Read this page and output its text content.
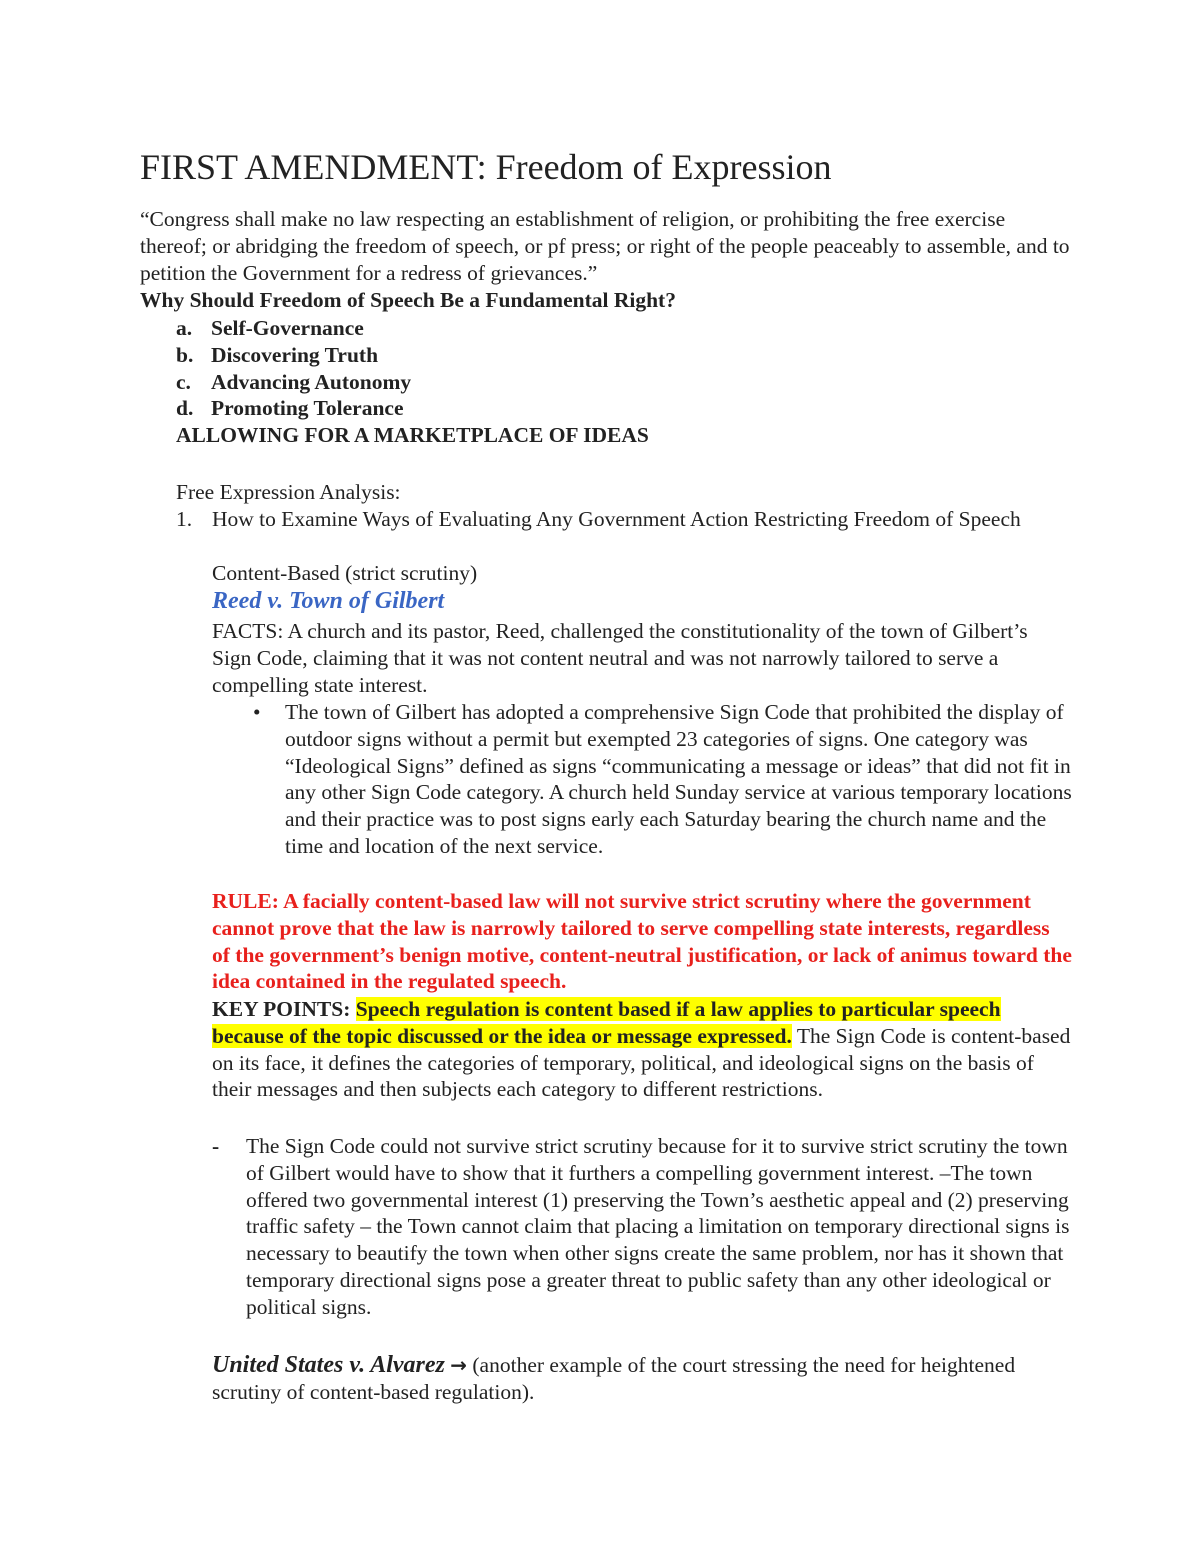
FIRST AMENDMENT: Freedom of Expression
“Congress shall make no law respecting an establishment of religion, or prohibiting the free exercise thereof; or abridging the freedom of speech, or pf press; or right of the people peaceably to assemble, and to petition the Government for a redress of grievances.”
Why Should Freedom of Speech Be a Fundamental Right?
a. Self-Governance
b. Discovering Truth
c. Advancing Autonomy
d. Promoting Tolerance
ALLOWING FOR A MARKETPLACE OF IDEAS
Free Expression Analysis:
1. How to Examine Ways of Evaluating Any Government Action Restricting Freedom of Speech
Content-Based (strict scrutiny)
Reed v. Town of Gilbert
FACTS: A church and its pastor, Reed, challenged the constitutionality of the town of Gilbert’s Sign Code, claiming that it was not content neutral and was not narrowly tailored to serve a compelling state interest.
• The town of Gilbert has adopted a comprehensive Sign Code that prohibited the display of outdoor signs without a permit but exempted 23 categories of signs. One category was “Ideological Signs” defined as signs “communicating a message or ideas” that did not fit in any other Sign Code category. A church held Sunday service at various temporary locations and their practice was to post signs early each Saturday bearing the church name and the time and location of the next service.
RULE: A facially content-based law will not survive strict scrutiny where the government cannot prove that the law is narrowly tailored to serve compelling state interests, regardless of the government’s benign motive, content-neutral justification, or lack of animus toward the idea contained in the regulated speech.
KEY POINTS: Speech regulation is content based if a law applies to particular speech because of the topic discussed or the idea or message expressed. The Sign Code is content-based on its face, it defines the categories of temporary, political, and ideological signs on the basis of their messages and then subjects each category to different restrictions.
- The Sign Code could not survive strict scrutiny because for it to survive strict scrutiny the town of Gilbert would have to show that it furthers a compelling government interest. –The town offered two governmental interest (1) preserving the Town’s aesthetic appeal and (2) preserving traffic safety – the Town cannot claim that placing a limitation on temporary directional signs is necessary to beautify the town when other signs create the same problem, nor has it shown that temporary directional signs pose a greater threat to public safety than any other ideological or political signs.
United States v. Alvarez → (another example of the court stressing the need for heightened scrutiny of content-based regulation).
